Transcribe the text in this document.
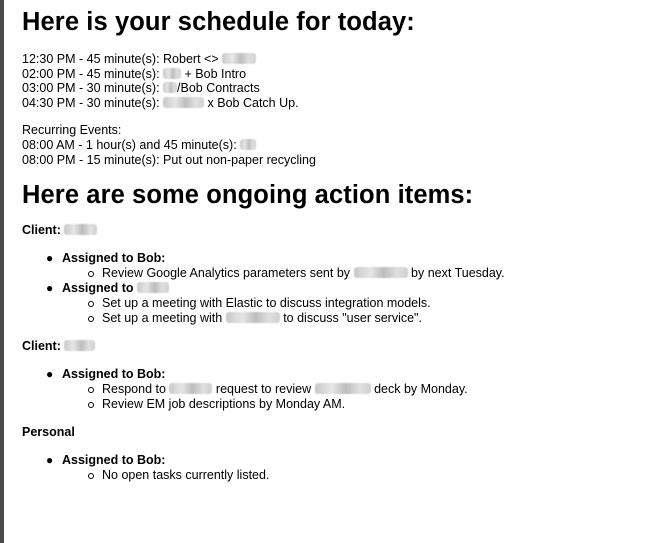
Here is your schedule for today:
12:30 PM - 45 minute(s): Robert <>
02:00 PM - 45 minute(s): + Bob Intro
03:00 PM - 30 minute(s): /Bob Contracts
04:30 PM - 30 minute(s):	x Bob Catch Up.
Recurring Events:
08:00 AM - 1 hour(s) and 45 minute(s):
08:00 PM - 15 minute(s): Put out non-paper recycling
Here are some ongoing action items:
Client:
● Assigned to Bob:
Review Google Analytics parameters sent by	by next Tuesday.
● Assigned to
Set up a meeting with Elastic to discuss integration models.
Set up a meeting with	to discuss "user service".
Client:
● Assigned to Bob:
Respond to	request to review	deck by Monday.
Review EM job descriptions by Monday AM.
Personal
● Assigned to Bob:
No open tasks currently listed.
